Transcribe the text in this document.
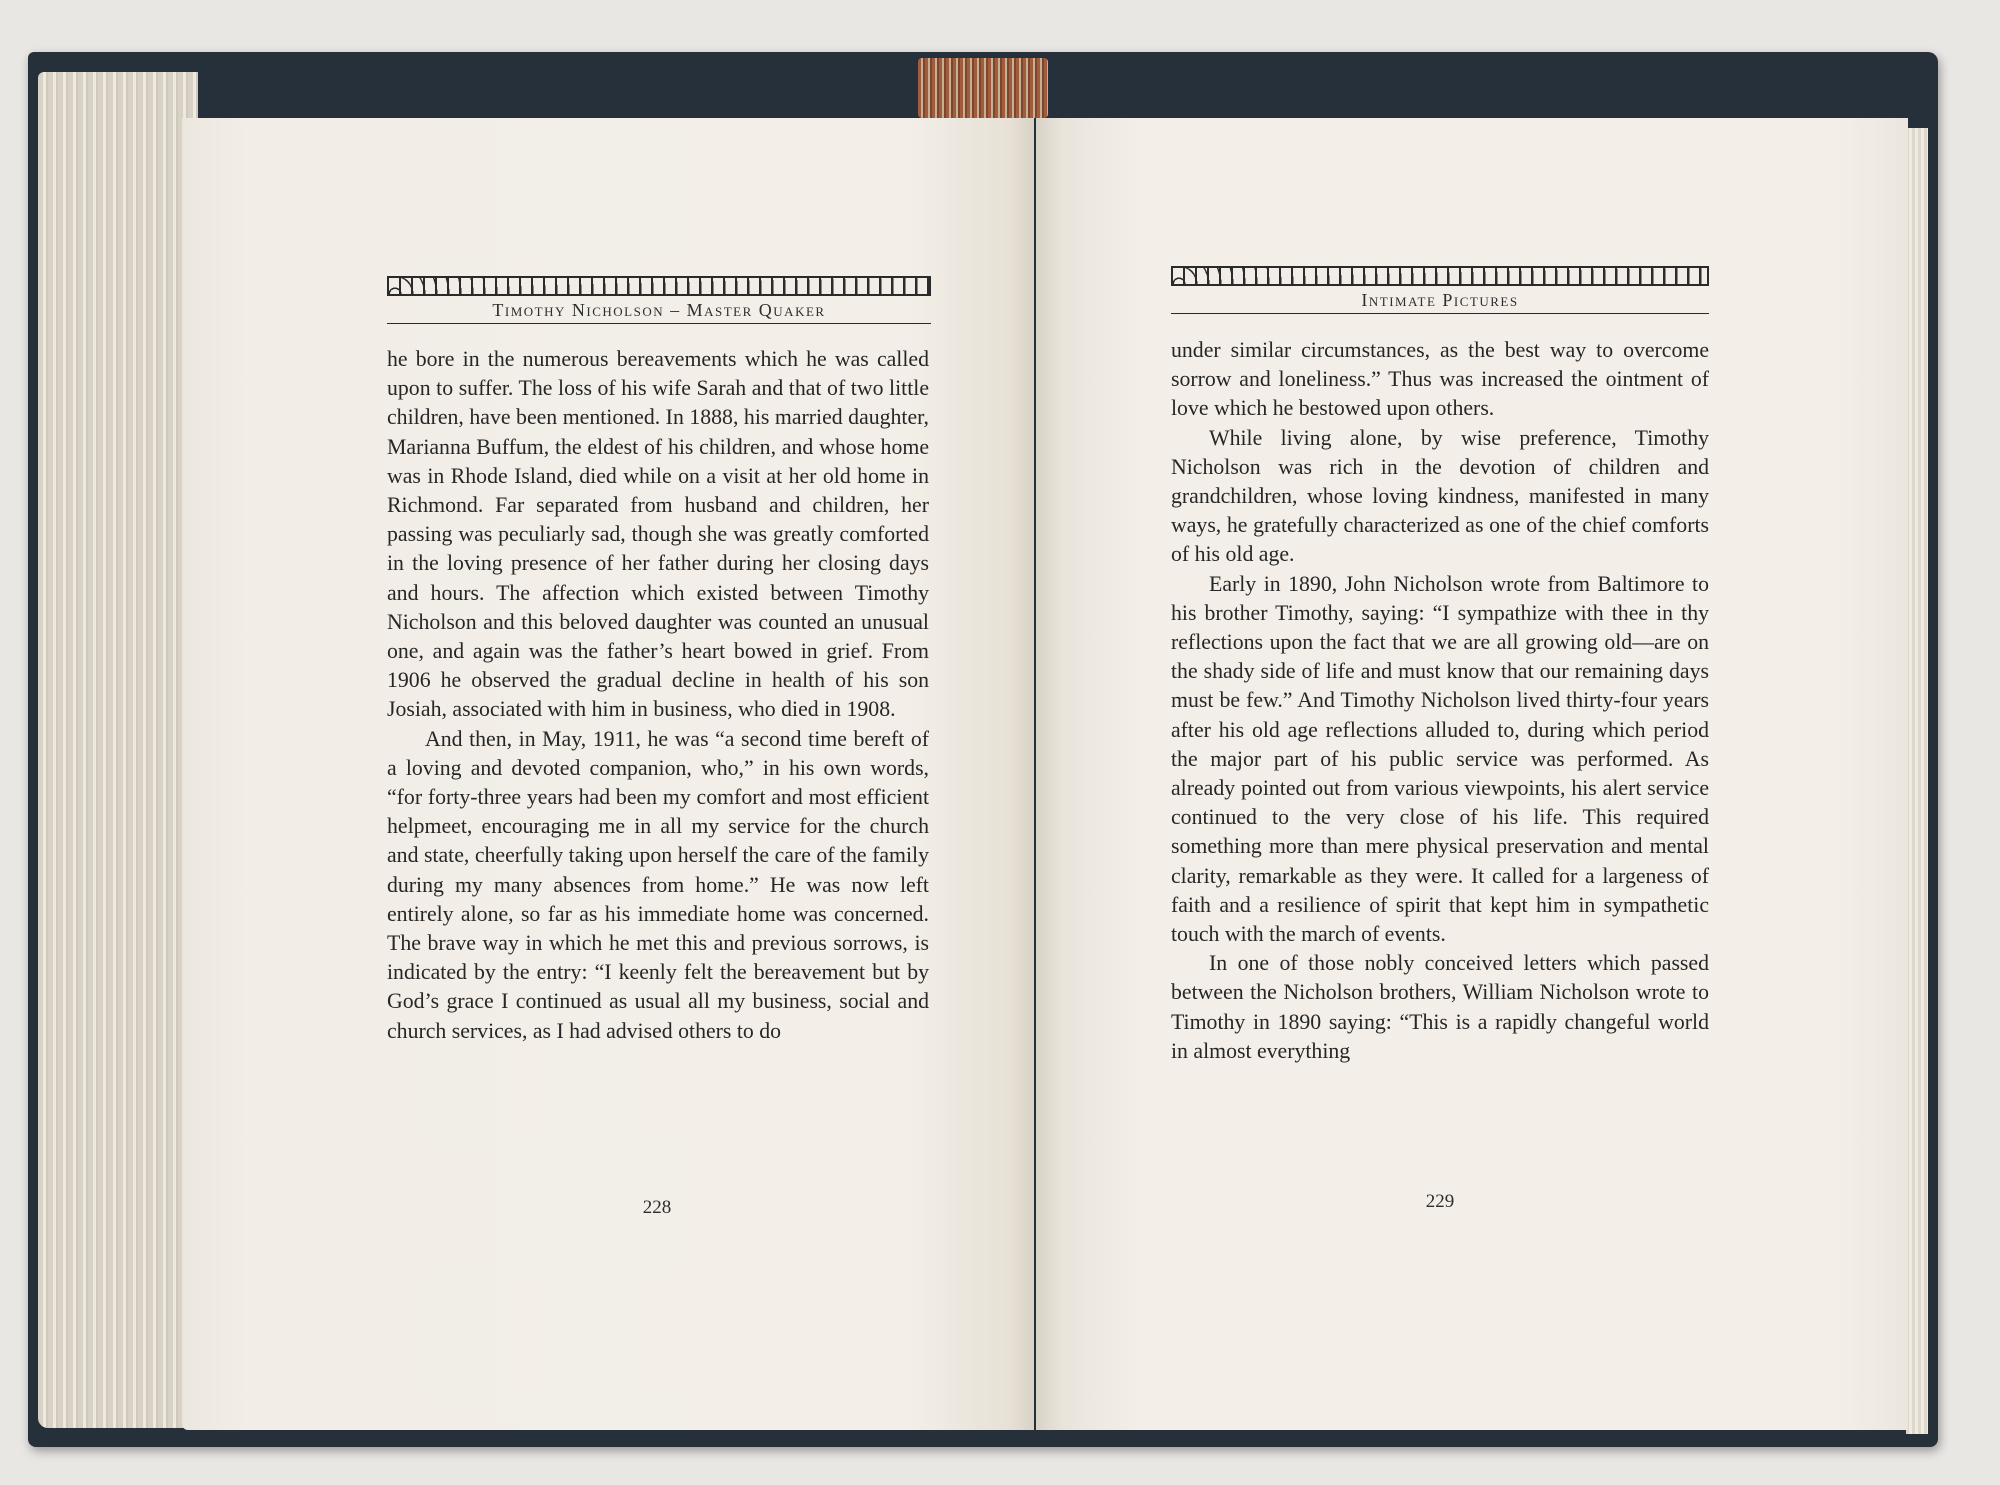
Timothy Nicholson – Master Quaker

he bore in the numerous bereavements which he was called upon to suffer. The loss of his wife Sarah and that of two little children, have been mentioned. In 1888, his married daughter, Marianna Buffum, the eldest of his children, and whose home was in Rhode Island, died while on a visit at her old home in Richmond. Far separated from husband and children, her passing was peculiarly sad, though she was greatly comforted in the loving presence of her father during her closing days and hours. The affection which existed between Timothy Nicholson and this beloved daughter was counted an unusual one, and again was the father’s heart bowed in grief. From 1906 he observed the gradual decline in health of his son Josiah, associated with him in business, who died in 1908.

And then, in May, 1911, he was “a second time bereft of a loving and devoted companion, who,” in his own words, “for forty-three years had been my comfort and most efficient helpmeet, encouraging me in all my service for the church and state, cheerfully taking upon herself the care of the family during my many absences from home.” He was now left entirely alone, so far as his immediate home was concerned. The brave way in which he met this and previous sorrows, is indicated by the entry: “I keenly felt the bereavement but by God’s grace I continued as usual all my business, social and church services, as I had advised others to do

228
Intimate Pictures

under similar circumstances, as the best way to overcome sorrow and loneliness.” Thus was increased the ointment of love which he bestowed upon others.

While living alone, by wise preference, Timothy Nicholson was rich in the devotion of children and grandchildren, whose loving kindness, manifested in many ways, he gratefully characterized as one of the chief comforts of his old age.

Early in 1890, John Nicholson wrote from Baltimore to his brother Timothy, saying: “I sympathize with thee in thy reflections upon the fact that we are all growing old—are on the shady side of life and must know that our remaining days must be few.” And Timothy Nicholson lived thirty-four years after his old age reflections alluded to, during which period the major part of his public service was performed. As already pointed out from various viewpoints, his alert service continued to the very close of his life. This required something more than mere physical preservation and mental clarity, remarkable as they were. It called for a largeness of faith and a resilience of spirit that kept him in sympathetic touch with the march of events.

In one of those nobly conceived letters which passed between the Nicholson brothers, William Nicholson wrote to Timothy in 1890 saying: “This is a rapidly changeful world in almost everything

229
